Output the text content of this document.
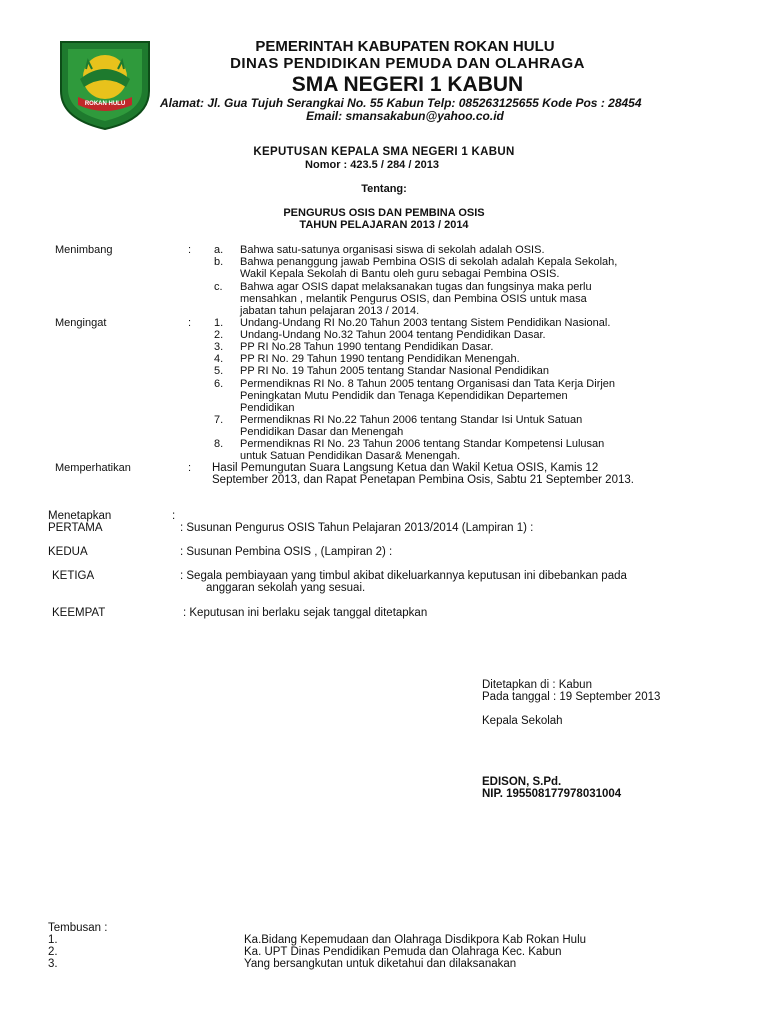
ROKAN HULU
PEMERINTAH KABUPATEN ROKAN HULU
DINAS PENDIDIKAN PEMUDA DAN OLAHRAGA
SMA NEGERI 1 KABUN
Alamat: Jl. Gua Tujuh Serangkai No. 55 Kabun Telp: 085263125655 Kode Pos : 28454
Email: smansakabun@yahoo.co.id
KEPUTUSAN KEPALA SMA NEGERI 1 KABUN
Nomor : 423.5 / 284 / 2013
Tentang:
PENGURUS OSIS DAN PEMBINA OSIS
TAHUN PELAJARAN 2013 / 2014
Menimbang	: a.	Bahwa satu-satunya organisasi siswa di sekolah adalah OSIS.
b.	Bahwa penanggung jawab Pembina OSIS di sekolah adalah Kepala Sekolah,
Wakil Kepala Sekolah di Bantu oleh guru sebagai Pembina OSIS.
c.	Bahwa agar OSIS dapat melaksanakan tugas dan fungsinya maka perlu
mensahkan , melantik Pengurus OSIS, dan Pembina OSIS untuk masa
jabatan tahun pelajaran 2013 / 2014.
Mengingat	: 1.	Undang-Undang RI No.20 Tahun 2003 tentang Sistem Pendidikan Nasional.
2.	Undang-Undang No.32 Tahun 2004 tentang Pendidikan Dasar.
3.	PP RI No.28 Tahun 1990 tentang Pendidikan Dasar.
4.	PP RI No. 29 Tahun 1990 tentang Pendidikan Menengah.
5.	PP RI No. 19 Tahun 2005 tentang Standar Nasional Pendidikan
6.	Permendiknas RI No. 8 Tahun 2005 tentang Organisasi dan Tata Kerja Dirjen
Peningkatan Mutu Pendidik dan Tenaga Kependidikan Departemen
Pendidikan
7.	Permendiknas RI No.22 Tahun 2006 tentang Standar Isi Untuk Satuan
Pendidikan Dasar dan Menengah
8.	Permendiknas RI No. 23 Tahun 2006 tentang Standar Kompetensi Lulusan
untuk Satuan Pendidikan Dasar& Menengah.
Memperhatikan	: Hasil Pemungutan Suara Langsung Ketua dan Wakil Ketua OSIS, Kamis 12
September 2013, dan Rapat Penetapan Pembina Osis, Sabtu 21 September 2013.
Menetapkan	:
PERTAMA	: Susunan Pengurus OSIS Tahun Pelajaran 2013/2014 (Lampiran 1) :
KEDUA	: Susunan Pembina OSIS , (Lampiran 2) :
KETIGA	: Segala pembiayaan yang timbul akibat dikeluarkannya keputusan ini dibebankan pada
anggaran sekolah yang sesuai.
KEEMPAT	: Keputusan ini berlaku sejak tanggal ditetapkan
Ditetapkan di : Kabun
Pada tanggal : 19 September 2013
Kepala Sekolah
EDISON, S.Pd.
NIP. 195508177978031004
Tembusan :
1.	Ka.Bidang Kepemudaan dan Olahraga Disdikpora Kab Rokan Hulu
2.	Ka. UPT Dinas Pendidikan Pemuda dan Olahraga Kec. Kabun
3.	Yang bersangkutan untuk diketahui dan dilaksanakan
